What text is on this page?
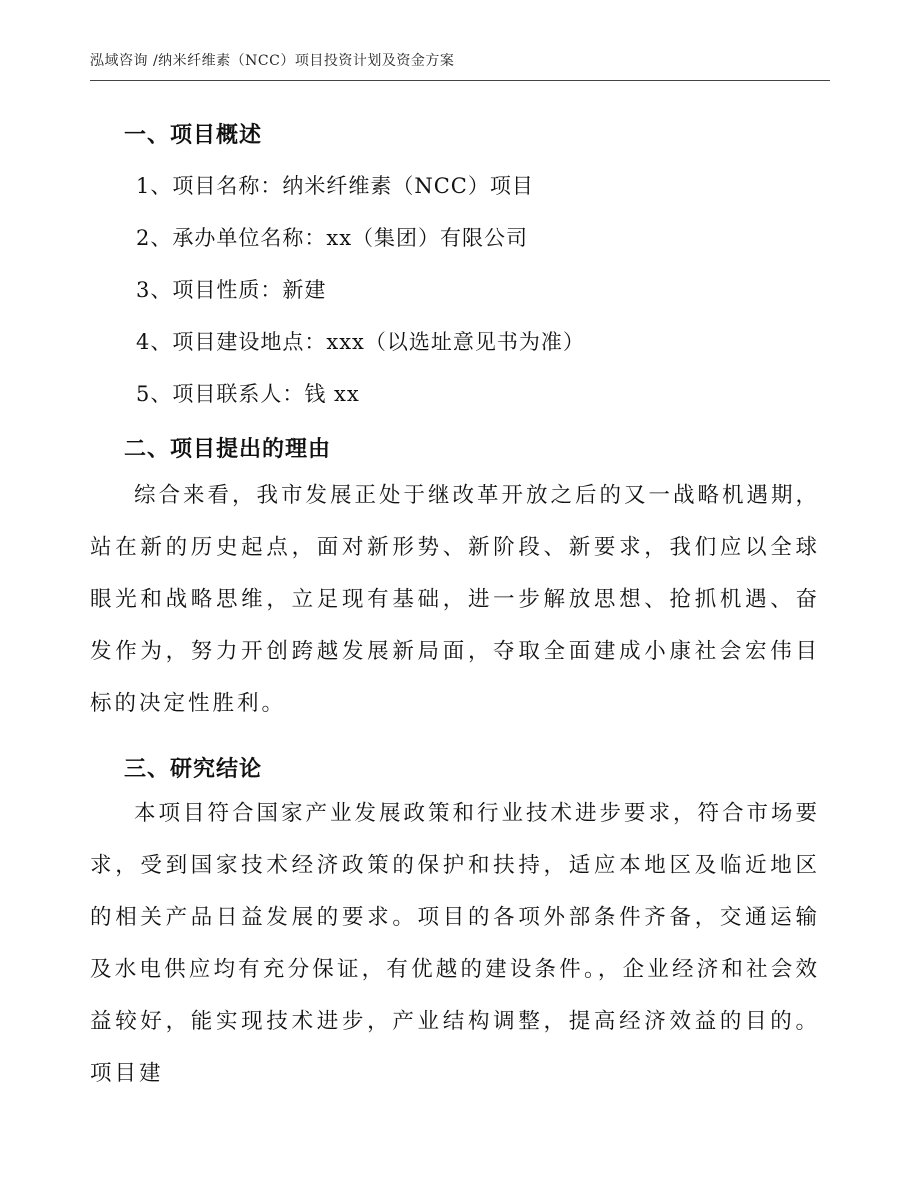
泓域咨询 /纳米纤维素（NCC）项目投资计划及资金方案
一、项目概述
1、项目名称：纳米纤维素（NCC）项目
2、承办单位名称：xx（集团）有限公司
3、项目性质：新建
4、项目建设地点：xxx（以选址意见书为准）
5、项目联系人：钱 xx
二、项目提出的理由

综合来看，我市发展正处于继改革开放之后的又一战略机遇期，站在新的历史起点，面对新形势、新阶段、新要求，我们应以全球眼光和战略思维，立足现有基础，进一步解放思想、抢抓机遇、奋发作为，努力开创跨越发展新局面，夺取全面建成小康社会宏伟目标的决定性胜利。

三、研究结论

本项目符合国家产业发展政策和行业技术进步要求，符合市场要求，受到国家技术经济政策的保护和扶持，适应本地区及临近地区的相关产品日益发展的要求。项目的各项外部条件齐备，交通运输及水电供应均有充分保证，有优越的建设条件。，企业经济和社会效益较好，能实现技术进步，产业结构调整，提高经济效益的目的。项目建
